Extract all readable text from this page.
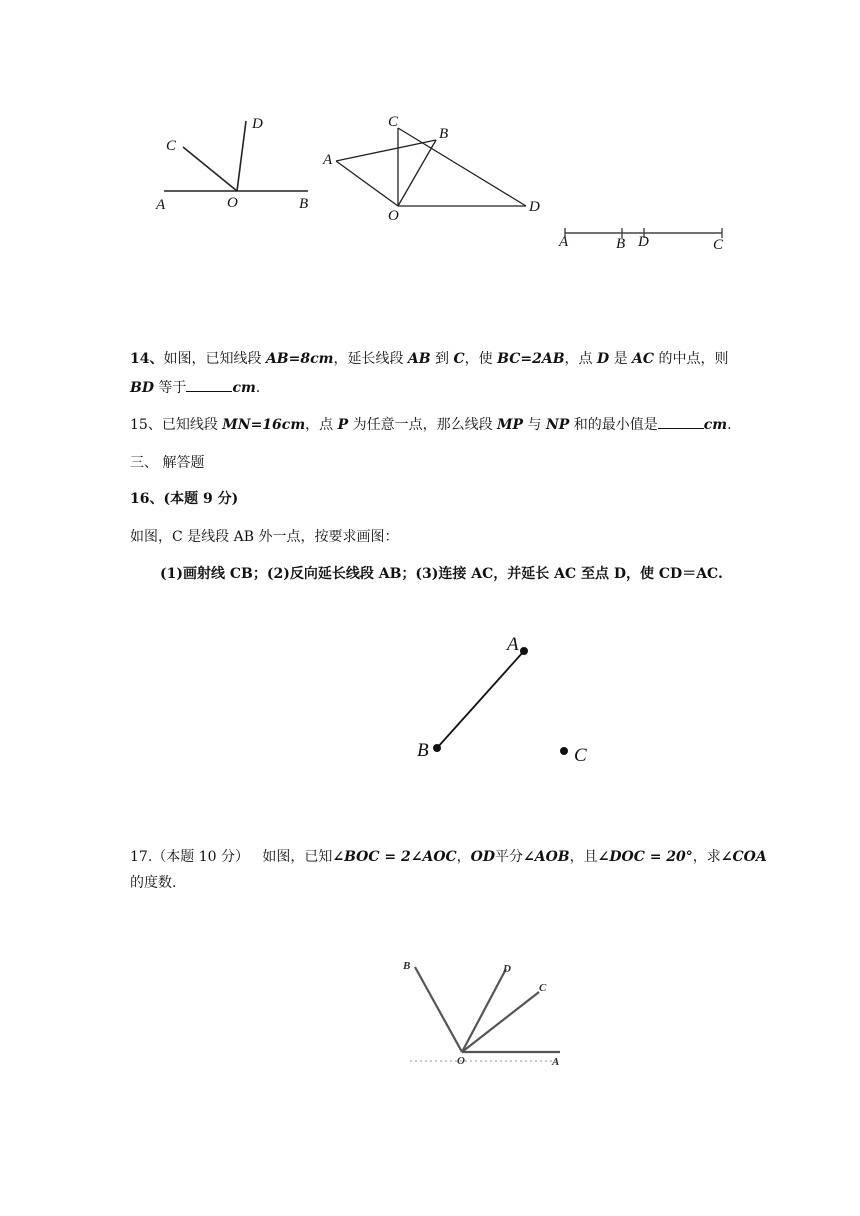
C
D
A	O	B
C
B
A
O
D
A	B D	C
14、如图，已知线段 AB=8cm，延长线段 AB 到 C，使 BC=2AB，点 D 是 AC 的中点，则
BD 等于	cm.
15、已知线段 MN=16cm，点 P 为任意一点，那么线段 MP 与 NP 和的最小值是	cm.
三、 解答题
16、(本题 9 分)
如图，C 是线段 AB 外一点，按要求画图：
(1)画射线 CB；(2)反向延长线段 AB；(3)连接 AC，并延长 AC 至点 D，使 CD＝AC.
A
B	C
17.（本题 10 分） 如图，已知∠BOC = 2∠AOC，OD平分∠AOB，且∠DOC = 20°，求∠COA
的度数.
B	D
C
O	A
